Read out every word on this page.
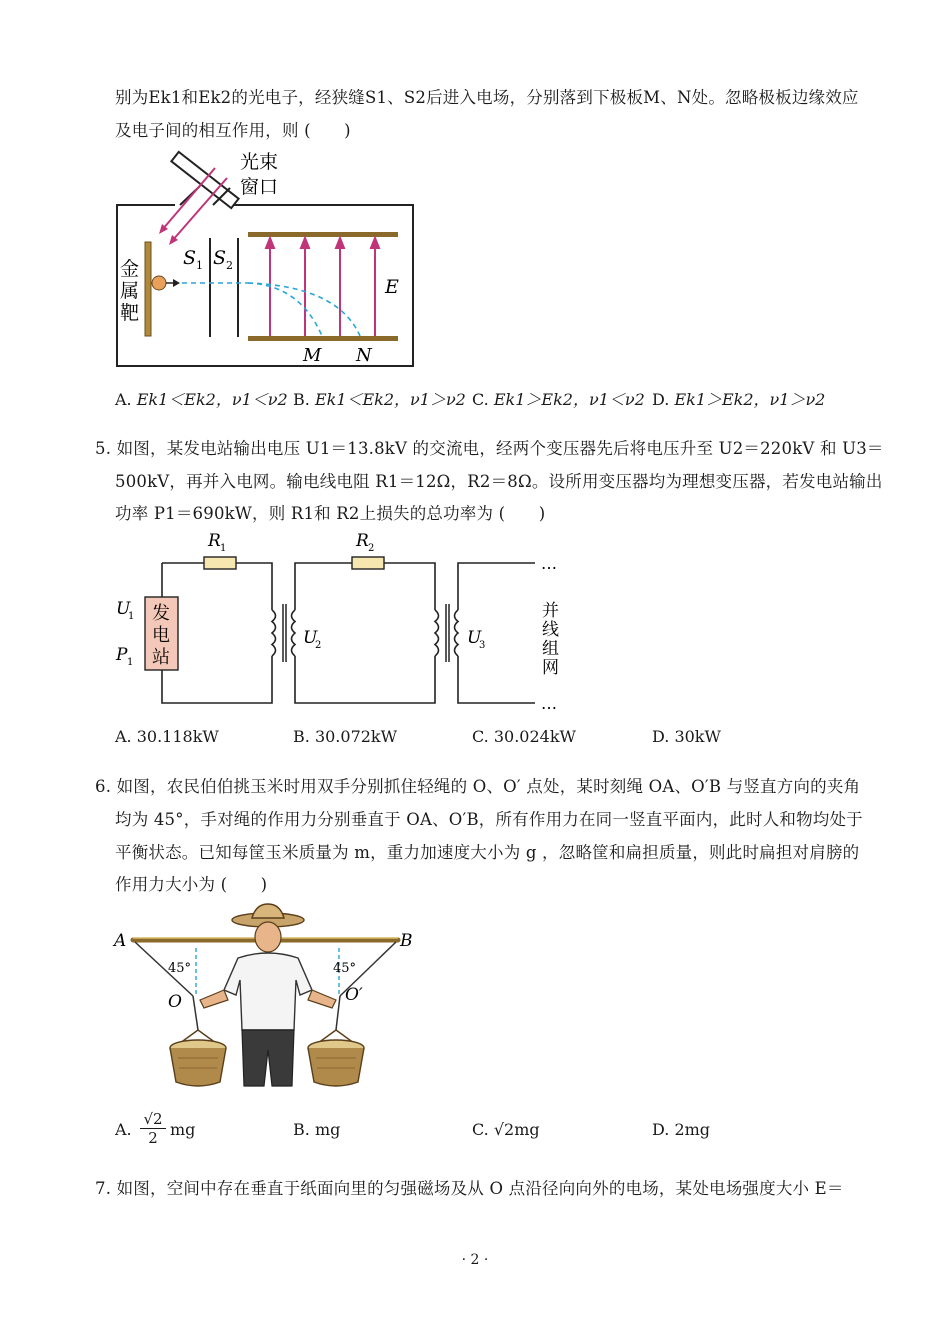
别为Ek1和Ek2的光电子，经狭缝S1、S2后进入电场，分别落到下极板M、N处。忽略极板边缘效应
及电子间的相互作用，则 (　　)
光束
窗口
金
属
靶
S 1 S 2
E
M N
A. Ek1＜Ek2，ν1＜ν2 B. Ek1＜Ek2，ν1＞ν2 C. Ek1＞Ek2，ν1＜ν2 D. Ek1＞Ek2，ν1＞ν2
5. 如图，某发电站输出电压 U1＝13.8kV 的交流电，经两个变压器先后将电压升至 U2＝220kV 和 U3＝
500kV，再并入电网。输电线电阻 R1＝12Ω，R2＝8Ω。设所用变压器均为理想变压器，若发电站输出
功率 P1＝690kW，则 R1和 R2上损失的总功率为 (　　)
发
电
站
R 1	R 2
U
1
P 1
U
2	U
3
…
…
并
线
组
网
A. 30.118kW	B. 30.072kW	C. 30.024kW	D. 30kW
6. 如图，农民伯伯挑玉米时用双手分别抓住轻绳的 O、O′ 点处，某时刻绳 OA、O′B 与竖直方向的夹角
均为 45°，手对绳的作用力分别垂直于 OA、O′B，所有作用力在同一竖直平面内，此时人和物均处于
平衡状态。已知每筐玉米质量为 m，重力加速度大小为 g ，忽略筐和扁担质量，则此时扁担对肩膀的
作用力大小为 (　　)
A	B
O	O′
45°	45°
A.
√2
2 mg	B. mg	C. √2mg	D. 2mg
7. 如图，空间中存在垂直于纸面向里的匀强磁场及从 O 点沿径向向外的电场，某处电场强度大小 E＝
· 2 ·
